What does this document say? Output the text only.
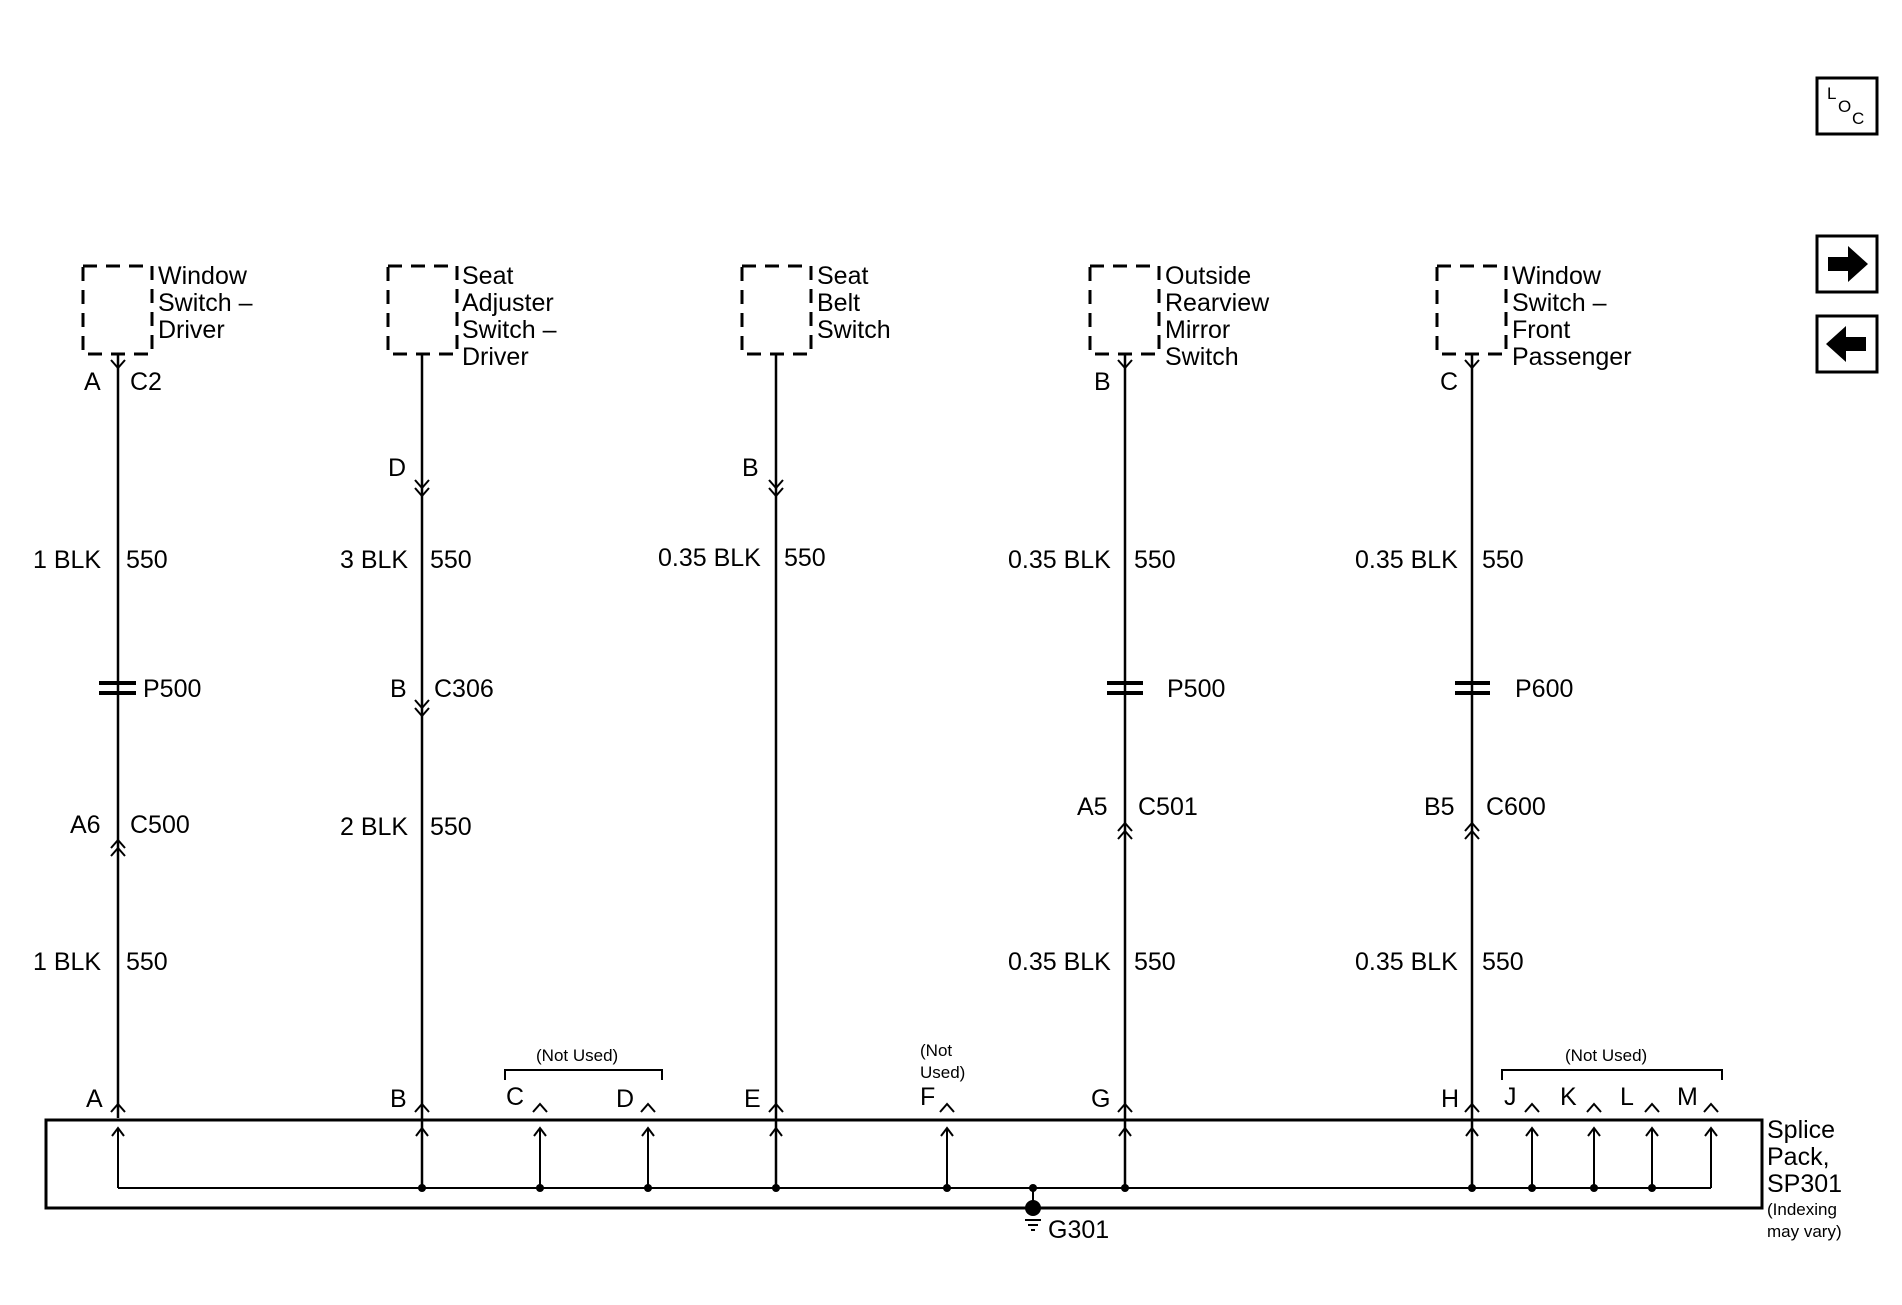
L
O
C
Window
Switch –
Driver
Seat
Adjuster
Switch –
Driver
Seat
Belt
Switch
Outside
Rearview
Mirror
Switch
Window
Switch –
Front
Passenger
A C2
1 BLK 550
P500
A6 C500
1 BLK 550
A
D
3 BLK 550
B C306
2 BLK 550
B
B
0.35 BLK 550
E
B
0.35 BLK 550
P500
A5 C501
0.35 BLK 550
G
C
0.35 BLK 550
P600
B5 C600
0.35 BLK 550
H
(Not Used)
C	D
(Not
Used)
F
(Not Used)
J K L M
Splice
Pack,
SP301
(Indexing
may vary)
G301
